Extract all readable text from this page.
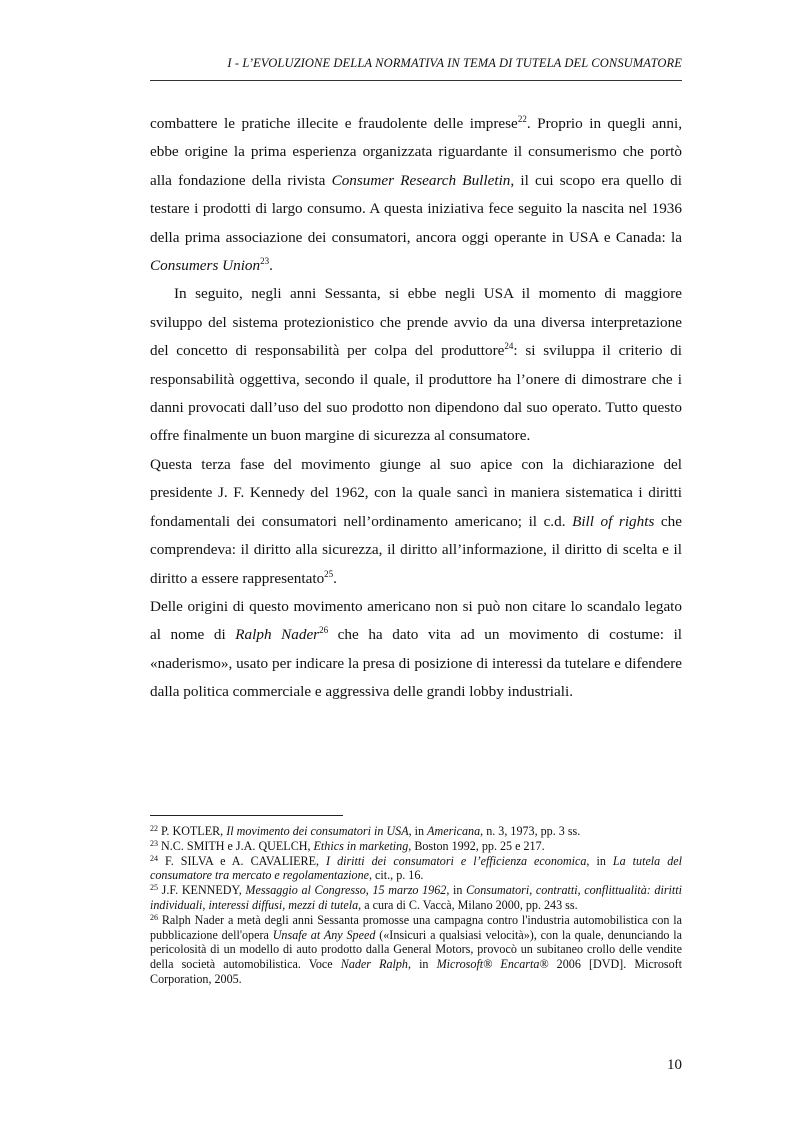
I - L’EVOLUZIONE DELLA NORMATIVA IN TEMA DI TUTELA DEL CONSUMATORE

combattere le pratiche illecite e fraudolente delle imprese$^{22}$. Proprio in quegli anni, ebbe origine la prima esperienza organizzata riguardante il consumerismo che portò alla fondazione della rivista Consumer Research Bulletin, il cui scopo era quello di testare i prodotti di largo consumo. A questa iniziativa fece seguito la nascita nel 1936 della prima associazione dei consumatori, ancora oggi operante in USA e Canada: la Consumers Union$^{23}$.

In seguito, negli anni Sessanta, si ebbe negli USA il momento di maggiore sviluppo del sistema protezionistico che prende avvio da una diversa interpretazione del concetto di responsabilità per colpa del produttore$^{24}$: si sviluppa il criterio di responsabilità oggettiva, secondo il quale, il produttore ha l’onere di dimostrare che i danni provocati dall’uso del suo prodotto non dipendono dal suo operato. Tutto questo offre finalmente un buon margine di sicurezza al consumatore.

Questa terza fase del movimento giunge al suo apice con la dichiarazione del presidente J. F. Kennedy del 1962, con la quale sancì in maniera sistematica i diritti fondamentali dei consumatori nell’ordinamento americano; il c.d. Bill of rights che comprendeva: il diritto alla sicurezza, il diritto all’informazione, il diritto di scelta e il diritto a essere rappresentato$^{25}$.

Delle origini di questo movimento americano non si può non citare lo scandalo legato al nome di Ralph Nader$^{26}$ che ha dato vita ad un movimento di costume: il «naderismo», usato per indicare la presa di posizione di interessi da tutelare e difendere dalla politica commerciale e aggressiva delle grandi lobby industriali.

$^{22}$ P. KOTLER, Il movimento dei consumatori in USA, in Americana, n. 3, 1973, pp. 3 ss.

$^{23}$ N.C. SMITH e J.A. QUELCH, Ethics in marketing, Boston 1992, pp. 25 e 217.

$^{24}$ F. SILVA e A. CAVALIERE, I diritti dei consumatori e l’efficienza economica, in La tutela del consumatore tra mercato e regolamentazione, cit., p. 16.

$^{25}$ J.F. KENNEDY, Messaggio al Congresso, 15 marzo 1962, in Consumatori, contratti, conflittualità: diritti individuali, interessi diffusi, mezzi di tutela, a cura di C. Vaccà, Milano 2000, pp. 243 ss.

$^{26}$ Ralph Nader a metà degli anni Sessanta promosse una campagna contro l'industria automobilistica con la pubblicazione dell'opera Unsafe at Any Speed («Insicuri a qualsiasi velocità»), con la quale, denunciando la pericolosità di un modello di auto prodotto dalla General Motors, provocò un subitaneo crollo delle vendite della società automobilistica. Voce Nader Ralph, in Microsoft® Encarta® 2006 [DVD]. Microsoft Corporation, 2005.

10
